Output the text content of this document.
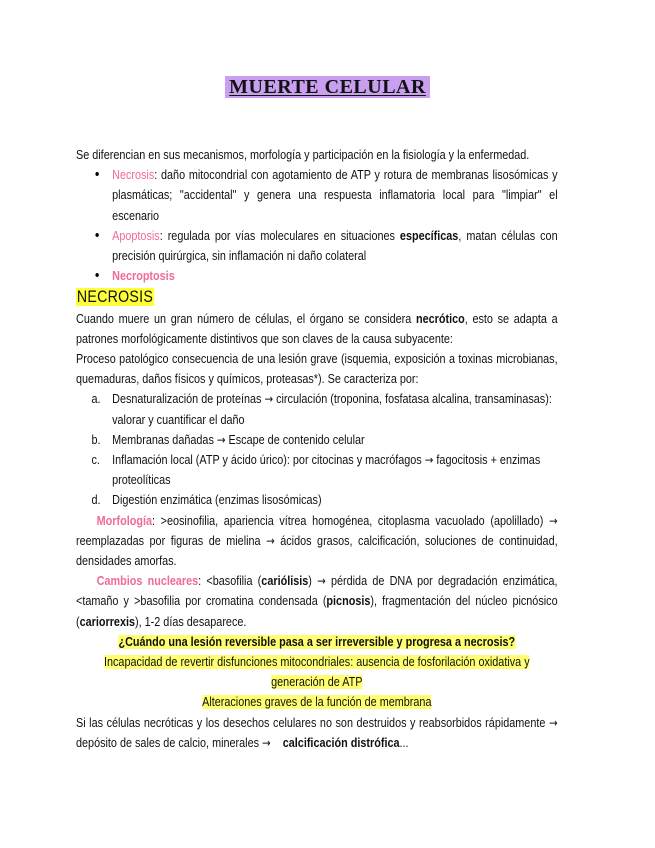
MUERTE CELULAR

Se diferencian en sus mecanismos, morfología y participación en la fisiología y la enfermedad.

• Necrosis: daño mitocondrial con agotamiento de ATP y rotura de membranas lisosómicas y plasmáticas; "accidental" y genera una respuesta inflamatoria local para "limpiar" el escenario
• Apoptosis: regulada por vías moleculares en situaciones específicas, matan células con precisión quirúrgica, sin inflamación ni daño colateral
• Necroptosis

NECROSIS

Cuando muere un gran número de células, el órgano se considera necrótico, esto se adapta a patrones morfológicamente distintivos que son claves de la causa subyacente:

Proceso patológico consecuencia de una lesión grave (isquemia, exposición a toxinas microbianas, quemaduras, daños físicos y químicos, proteasas*). Se caracteriza por:

a. Desnaturalización de proteínas → circulación (troponina, fosfatasa alcalina, transaminasas): valorar y cuantificar el daño
b. Membranas dañadas → Escape de contenido celular
c. Inflamación local (ATP y ácido úrico): por citocinas y macrófagos → fagocitosis + enzimas proteolíticas
d. Digestión enzimática (enzimas lisosómicas)

Morfología: >eosinofilia, apariencia vítrea homogénea, citoplasma vacuolado (apolillado) → reemplazadas por figuras de mielina → ácidos grasos, calcificación, soluciones de continuidad, densidades amorfas.

Cambios nucleares: <basofilia (cariólisis) → pérdida de DNA por degradación enzimática, <tamaño y >basofilia por cromatina condensada (picnosis), fragmentación del núcleo picnósico (cariorrexis), 1-2 días desaparece.

¿Cuándo una lesión reversible pasa a ser irreversible y progresa a necrosis?

Incapacidad de revertir disfunciones mitocondriales: ausencia de fosforilación oxidativa y generación de ATP

Alteraciones graves de la función de membrana

Si las células necróticas y los desechos celulares no son destruidos y reabsorbidos rápidamente → depósito de sales de calcio, minerales → calcificación distrófica...
